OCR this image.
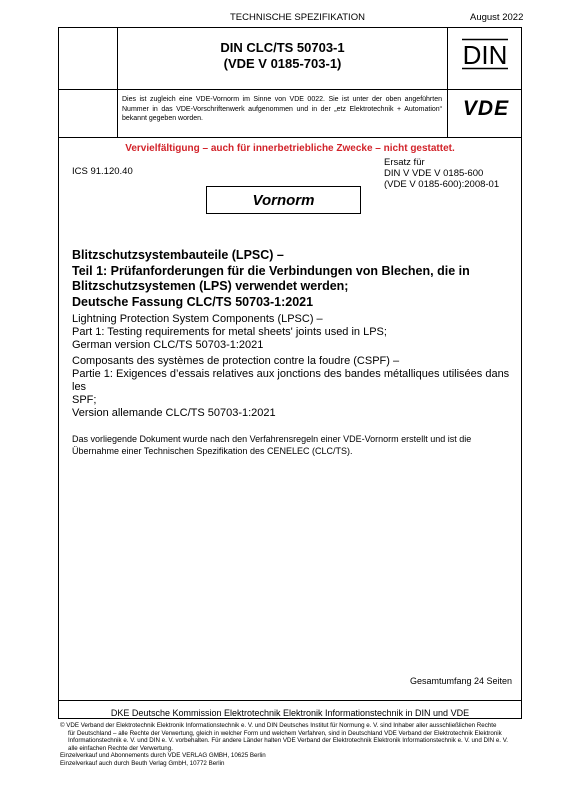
TECHNISCHE SPEZIFIKATION	August 2022
DIN CLC/TS 50703-1
(VDE V 0185-703-1)	DIN
Dies ist zugleich eine VDE-Vornorm im Sinne von VDE 0022. Sie ist unter der oben angeführten Nummer in das VDE-Vorschriftenwerk aufgenommen und in der „etz Elektrotechnik + Automation“ bekannt gegeben worden.	VDE
Vervielfältigung – auch für innerbetriebliche Zwecke – nicht gestattet.
ICS 91.120.40
Ersatz für
DIN V VDE V 0185-600
(VDE V 0185-600):2008-01
Vornorm
Blitzschutzsystembauteile (LPSC) –
Teil 1: Prüfanforderungen für die Verbindungen von Blechen, die in
Blitzschutzsystemen (LPS) verwendet werden;
Deutsche Fassung CLC/TS 50703-1:2021
Lightning Protection System Components (LPSC) –
Part 1: Testing requirements for metal sheets' joints used in LPS;
German version CLC/TS 50703-1:2021
Composants des systèmes de protection contre la foudre (CSPF) –
Partie 1: Exigences d’essais relatives aux jonctions des bandes métalliques utilisées dans les
SPF;
Version allemande CLC/TS 50703-1:2021
Das vorliegende Dokument wurde nach den Verfahrensregeln einer VDE-Vornorm erstellt und ist die
Übernahme einer Technischen Spezifikation des CENELEC (CLC/TS).
Gesamtumfang 24 Seiten
DKE Deutsche Kommission Elektrotechnik Elektronik Informationstechnik in DIN und VDE
© VDE Verband der Elektrotechnik Elektronik Informationstechnik e. V. und DIN Deutsches Institut für Normung e. V. sind Inhaber aller ausschließlichen Rechte
für Deutschland – alle Rechte der Verwertung, gleich in welcher Form und welchem Verfahren, sind in Deutschland VDE Verband der Elektrotechnik Elektronik
Informationstechnik e. V. und DIN e. V. vorbehalten. Für andere Länder halten VDE Verband der Elektrotechnik Elektronik Informationstechnik e. V. und DIN e. V.
alle einfachen Rechte der Verwertung.
Einzelverkauf und Abonnements durch VDE VERLAG GMBH, 10625 Berlin
Einzelverkauf auch durch Beuth Verlag GmbH, 10772 Berlin
